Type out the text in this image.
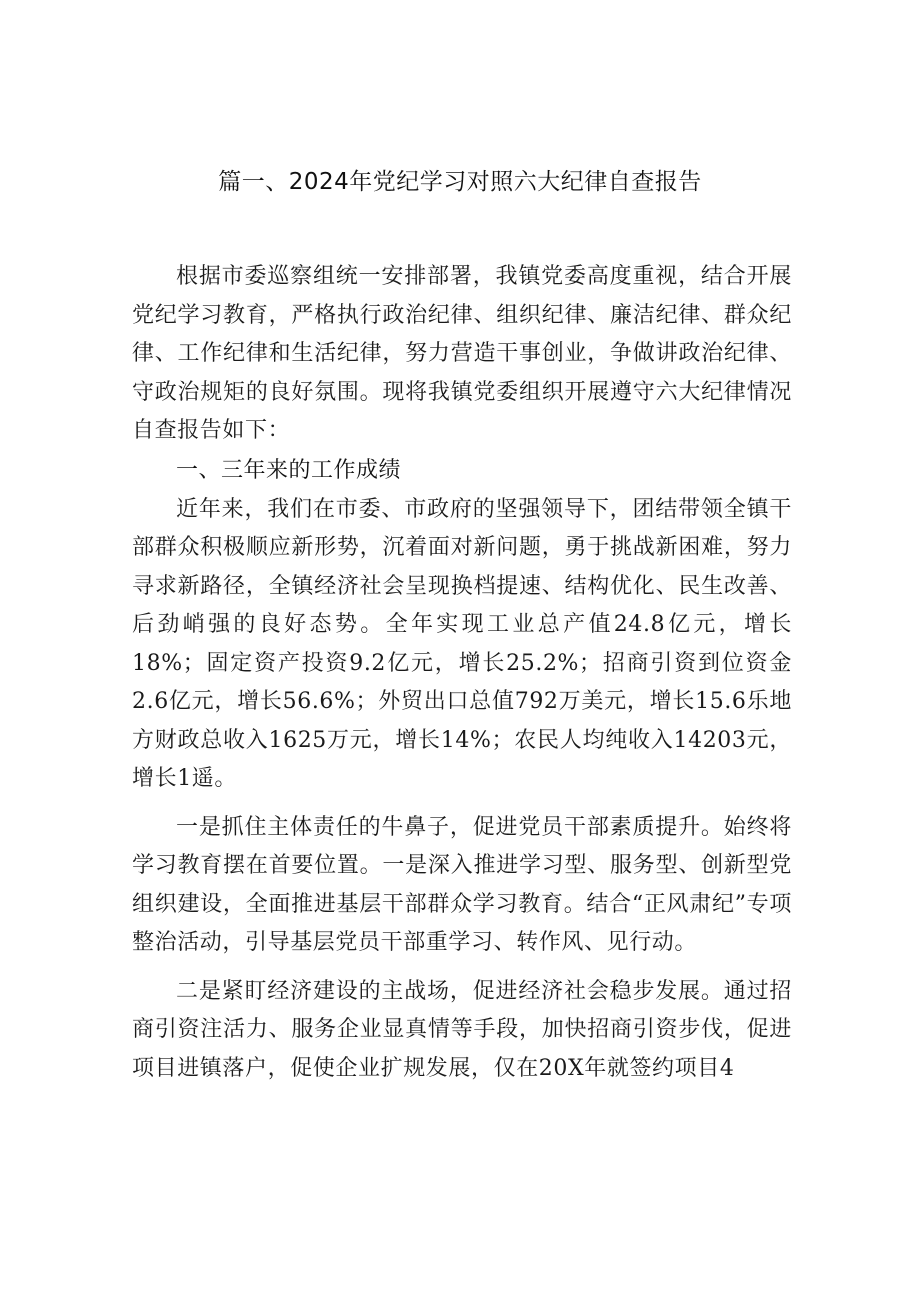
篇一、2024年党纪学习对照六大纪律自查报告

根据市委巡察组统一安排部署，我镇党委高度重视，结合开展党纪学习教育，严格执行政治纪律、组织纪律、廉洁纪律、群众纪律、工作纪律和生活纪律，努力营造干事创业，争做讲政治纪律、守政治规矩的良好氛围。现将我镇党委组织开展遵守六大纪律情况自查报告如下：

一、三年来的工作成绩

近年来，我们在市委、市政府的坚强领导下，团结带领全镇干部群众积极顺应新形势，沉着面对新问题，勇于挑战新困难，努力寻求新路径，全镇经济社会呈现换档提速、结构优化、民生改善、后劲峭强的良好态势。全年实现工业总产值24.8亿元，增长18%；固定资产投资9.2亿元，增长25.2%；招商引资到位资金2.6亿元，增长56.6%；外贸出口总值792万美元，增长15.6乐地方财政总收入1625万元，增长14%；农民人均纯收入14203元，增长1遥。

一是抓住主体责任的牛鼻子，促进党员干部素质提升。始终将学习教育摆在首要位置。一是深入推进学习型、服务型、创新型党组织建设，全面推进基层干部群众学习教育。结合“正风肃纪”专项整治活动，引导基层党员干部重学习、转作风、见行动。

二是紧盯经济建设的主战场，促进经济社会稳步发展。通过招商引资注活力、服务企业显真情等手段，加快招商引资步伐，促进项目进镇落户，促使企业扩规发展，仅在20X年就签约项目4
